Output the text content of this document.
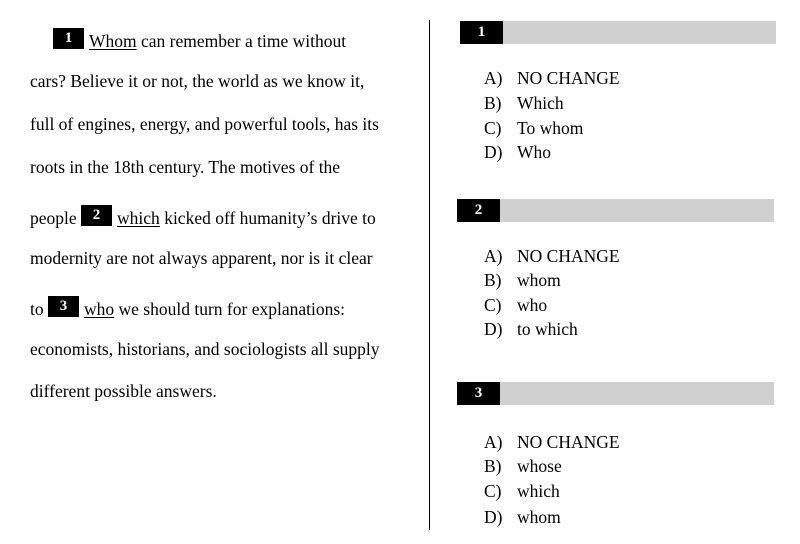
1 Whom can remember a time without
cars? Believe it or not, the world as we know it,
full of engines, energy, and powerful tools, has its
roots in the 18th century. The motives of the
people 2 which kicked off humanity’s drive to
modernity are not always apparent, nor is it clear
to 3 who we should turn for explanations:
economists, historians, and sociologists all supply
different possible answers.
1
A) NO CHANGE
B) Which
C) To whom
D) Who
2
A) NO CHANGE
B) whom
C) who
D) to which
3
A) NO CHANGE
B) whose
C) which
D) whom
